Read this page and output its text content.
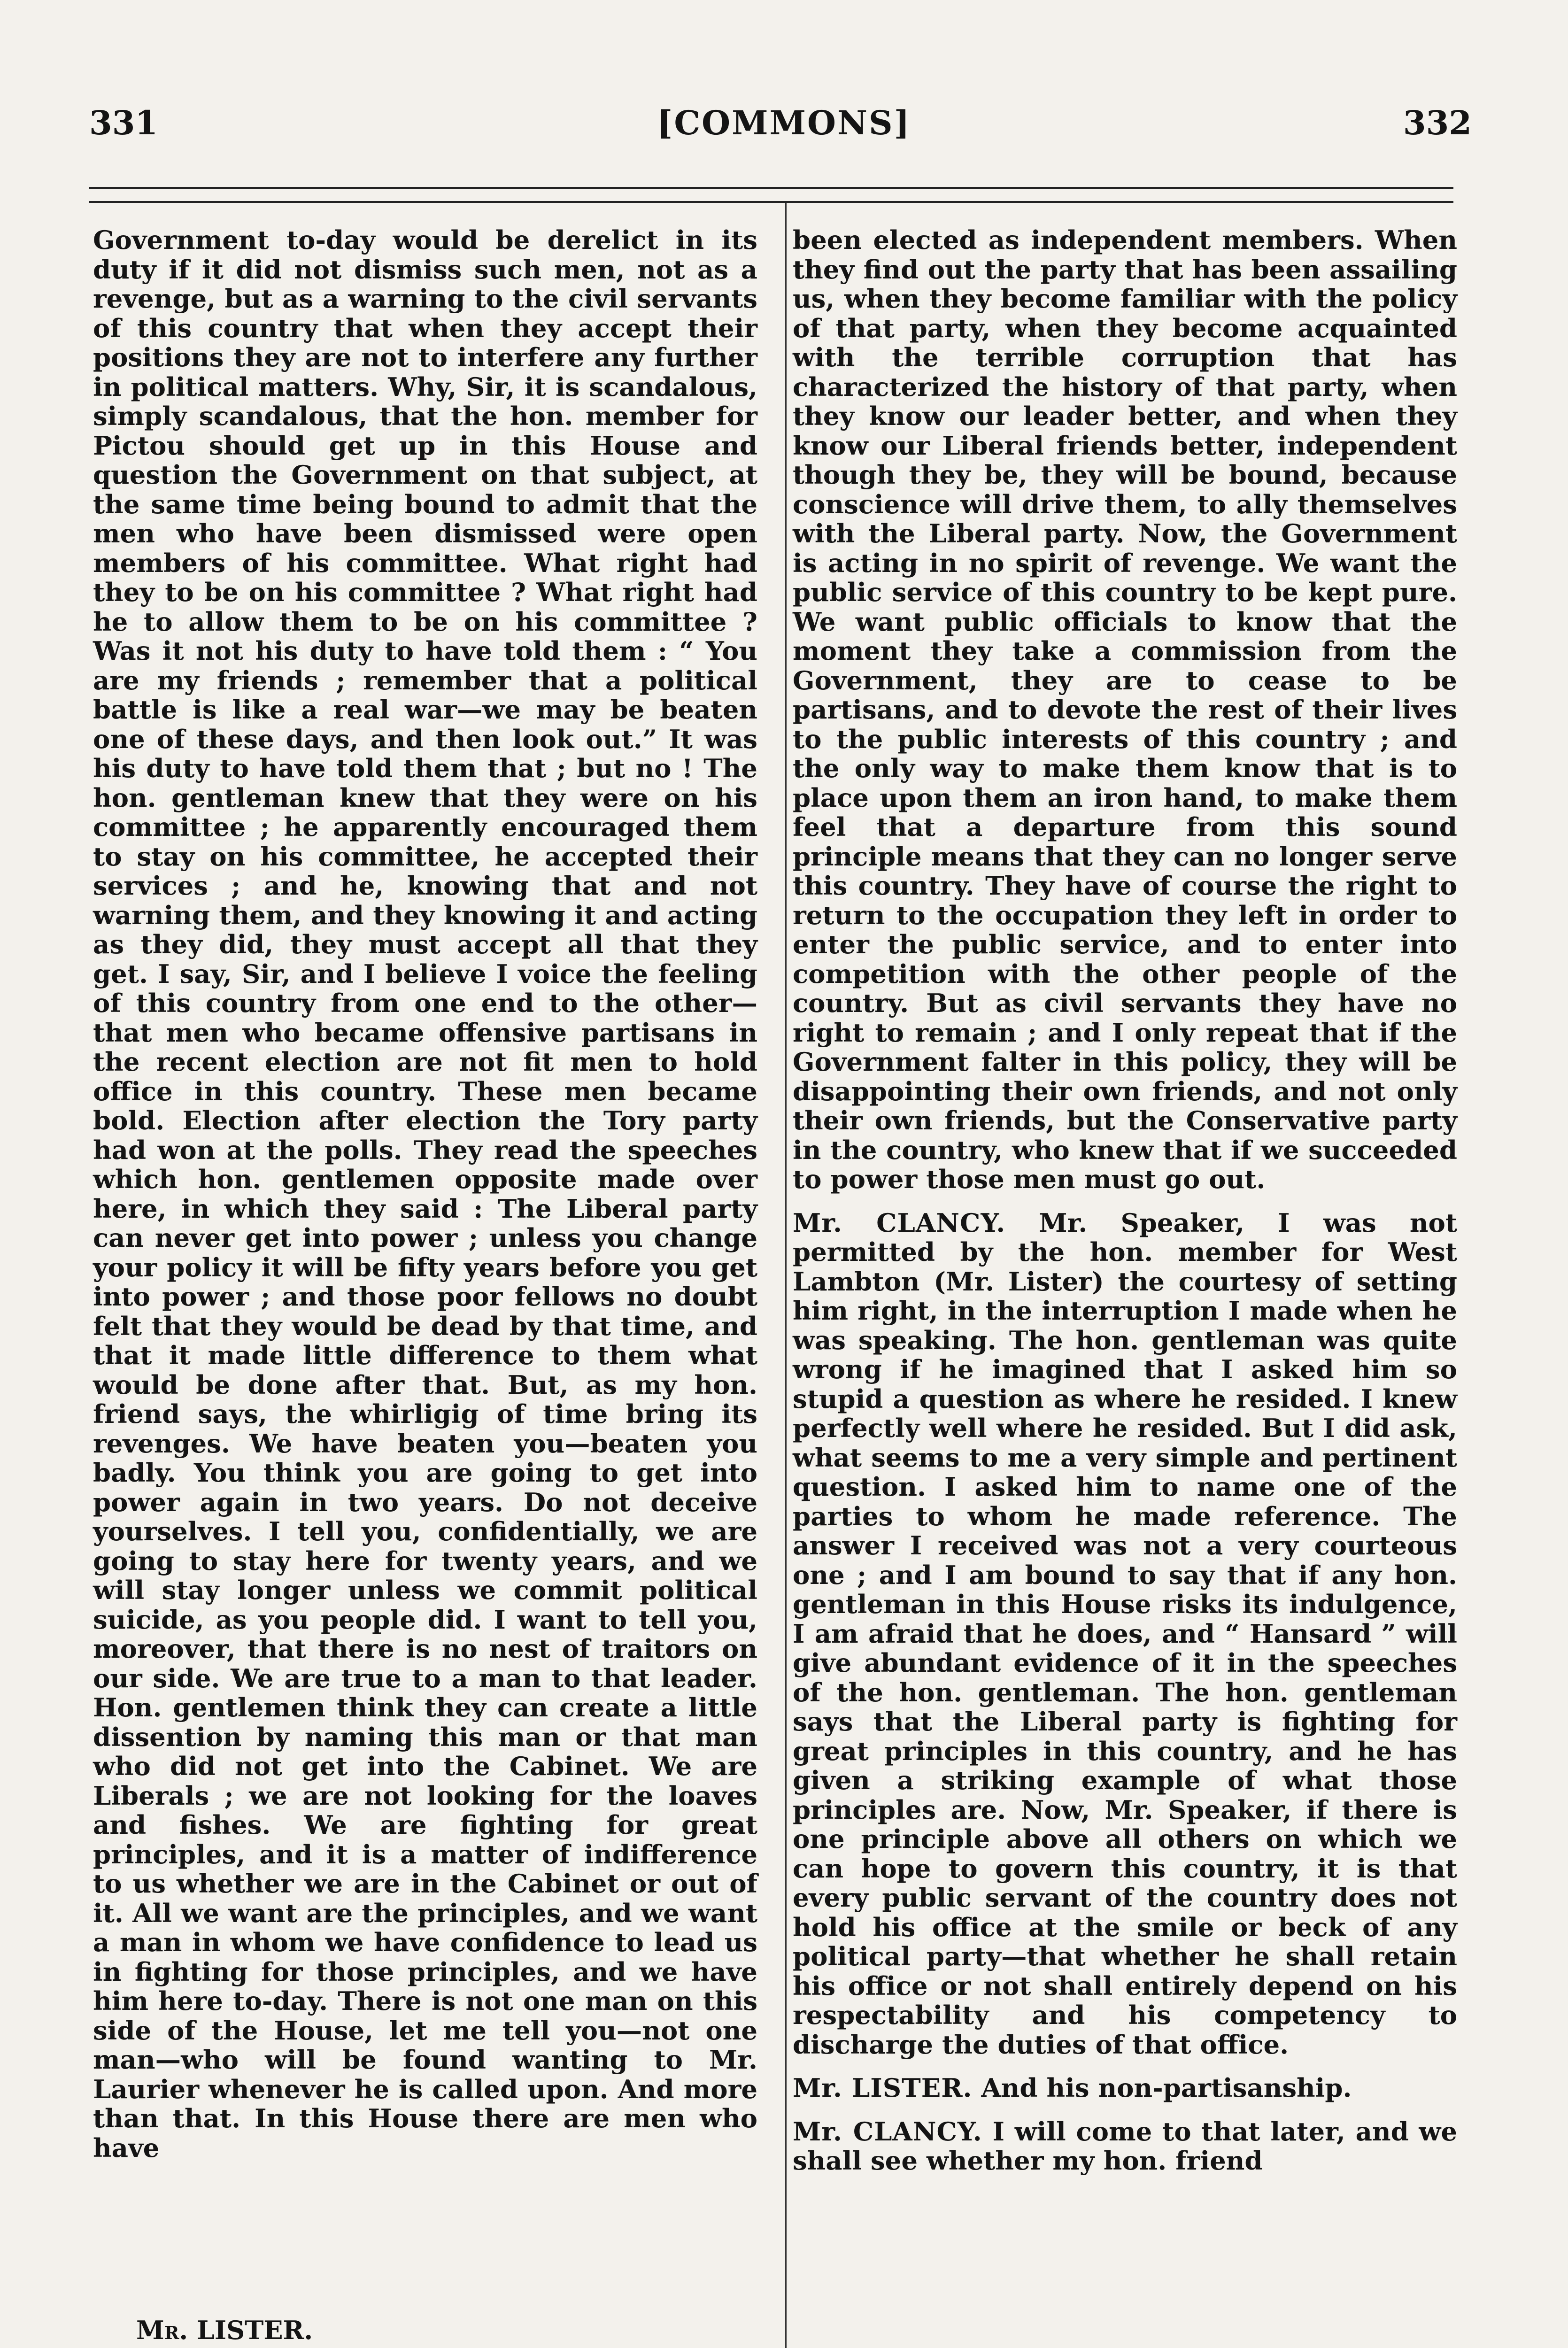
331	[COMMONS]	332

Government to-day would be derelict in its duty if it did not dismiss such men, not as a revenge, but as a warning to the civil servants of this country that when they accept their positions they are not to interfere any further in political matters. Why, Sir, it is scandalous, simply scandalous, that the hon. member for Pictou should get up in this House and question the Government on that subject, at the same time being bound to admit that the men who have been dismissed were open members of his committee. What right had they to be on his committee ? What right had he to allow them to be on his committee ? Was it not his duty to have told them : “ You are my friends ; remember that a political battle is like a real war—we may be beaten one of these days, and then look out.” It was his duty to have told them that ; but no ! The hon. gentleman knew that they were on his committee ; he apparently encouraged them to stay on his committee, he accepted their services ; and he, knowing that and not warning them, and they knowing it and acting as they did, they must accept all that they get. I say, Sir, and I believe I voice the feeling of this country from one end to the other—that men who became offensive partisans in the recent election are not fit men to hold office in this country. These men became bold. Election after election the Tory party had won at the polls. They read the speeches which hon. gentlemen opposite made over here, in which they said : The Liberal party can never get into power ; unless you change your policy it will be fifty years before you get into power ; and those poor fellows no doubt felt that they would be dead by that time, and that it made little difference to them what would be done after that. But, as my hon. friend says, the whirligig of time bring its revenges. We have beaten you—beaten you badly. You think you are going to get into power again in two years. Do not deceive yourselves. I tell you, confidentially, we are going to stay here for twenty years, and we will stay longer unless we commit political suicide, as you people did. I want to tell you, moreover, that there is no nest of traitors on our side. We are true to a man to that leader. Hon. gentlemen think they can create a little dissention by naming this man or that man who did not get into the Cabinet. We are Liberals ; we are not looking for the loaves and fishes. We are fighting for great principles, and it is a matter of indifference to us whether we are in the Cabinet or out of it. All we want are the principles, and we want a man in whom we have confidence to lead us in fighting for those principles, and we have him here to-day. There is not one man on this side of the House, let me tell you—not one man—who will be found wanting to Mr. Laurier whenever he is called upon. And more than that. In this House there are men who have

been elected as independent members. When they find out the party that has been assailing us, when they become familiar with the policy of that party, when they become acquainted with the terrible corruption that has characterized the history of that party, when they know our leader better, and when they know our Liberal friends better, independent though they be, they will be bound, because conscience will drive them, to ally themselves with the Liberal party. Now, the Government is acting in no spirit of revenge. We want the public service of this country to be kept pure. We want public officials to know that the moment they take a commission from the Government, they are to cease to be partisans, and to devote the rest of their lives to the public interests of this country ; and the only way to make them know that is to place upon them an iron hand, to make them feel that a departure from this sound principle means that they can no longer serve this country. They have of course the right to return to the occupation they left in order to enter the public service, and to enter into competition with the other people of the country. But as civil servants they have no right to remain ; and I only repeat that if the Government falter in this policy, they will be disappointing their own friends, and not only their own friends, but the Conservative party in the country, who knew that if we succeeded to power those men must go out.

Mr. CLANCY. Mr. Speaker, I was not permitted by the hon. member for West Lambton (Mr. Lister) the courtesy of setting him right, in the interruption I made when he was speaking. The hon. gentleman was quite wrong if he imagined that I asked him so stupid a question as where he resided. I knew perfectly well where he resided. But I did ask, what seems to me a very simple and pertinent question. I asked him to name one of the parties to whom he made reference. The answer I received was not a very courteous one ; and I am bound to say that if any hon. gentleman in this House risks its indulgence, I am afraid that he does, and “ Hansard ” will give abundant evidence of it in the speeches of the hon. gentleman. The hon. gentleman says that the Liberal party is fighting for great principles in this country, and he has given a striking example of what those principles are. Now, Mr. Speaker, if there is one principle above all others on which we can hope to govern this country, it is that every public servant of the country does not hold his office at the smile or beck of any political party—that whether he shall retain his office or not shall entirely depend on his respectability and his competency to discharge the duties of that office.

Mr. LISTER. And his non-partisanship.

Mr. CLANCY. I will come to that later, and we shall see whether my hon. friend

Mr. LISTER.
